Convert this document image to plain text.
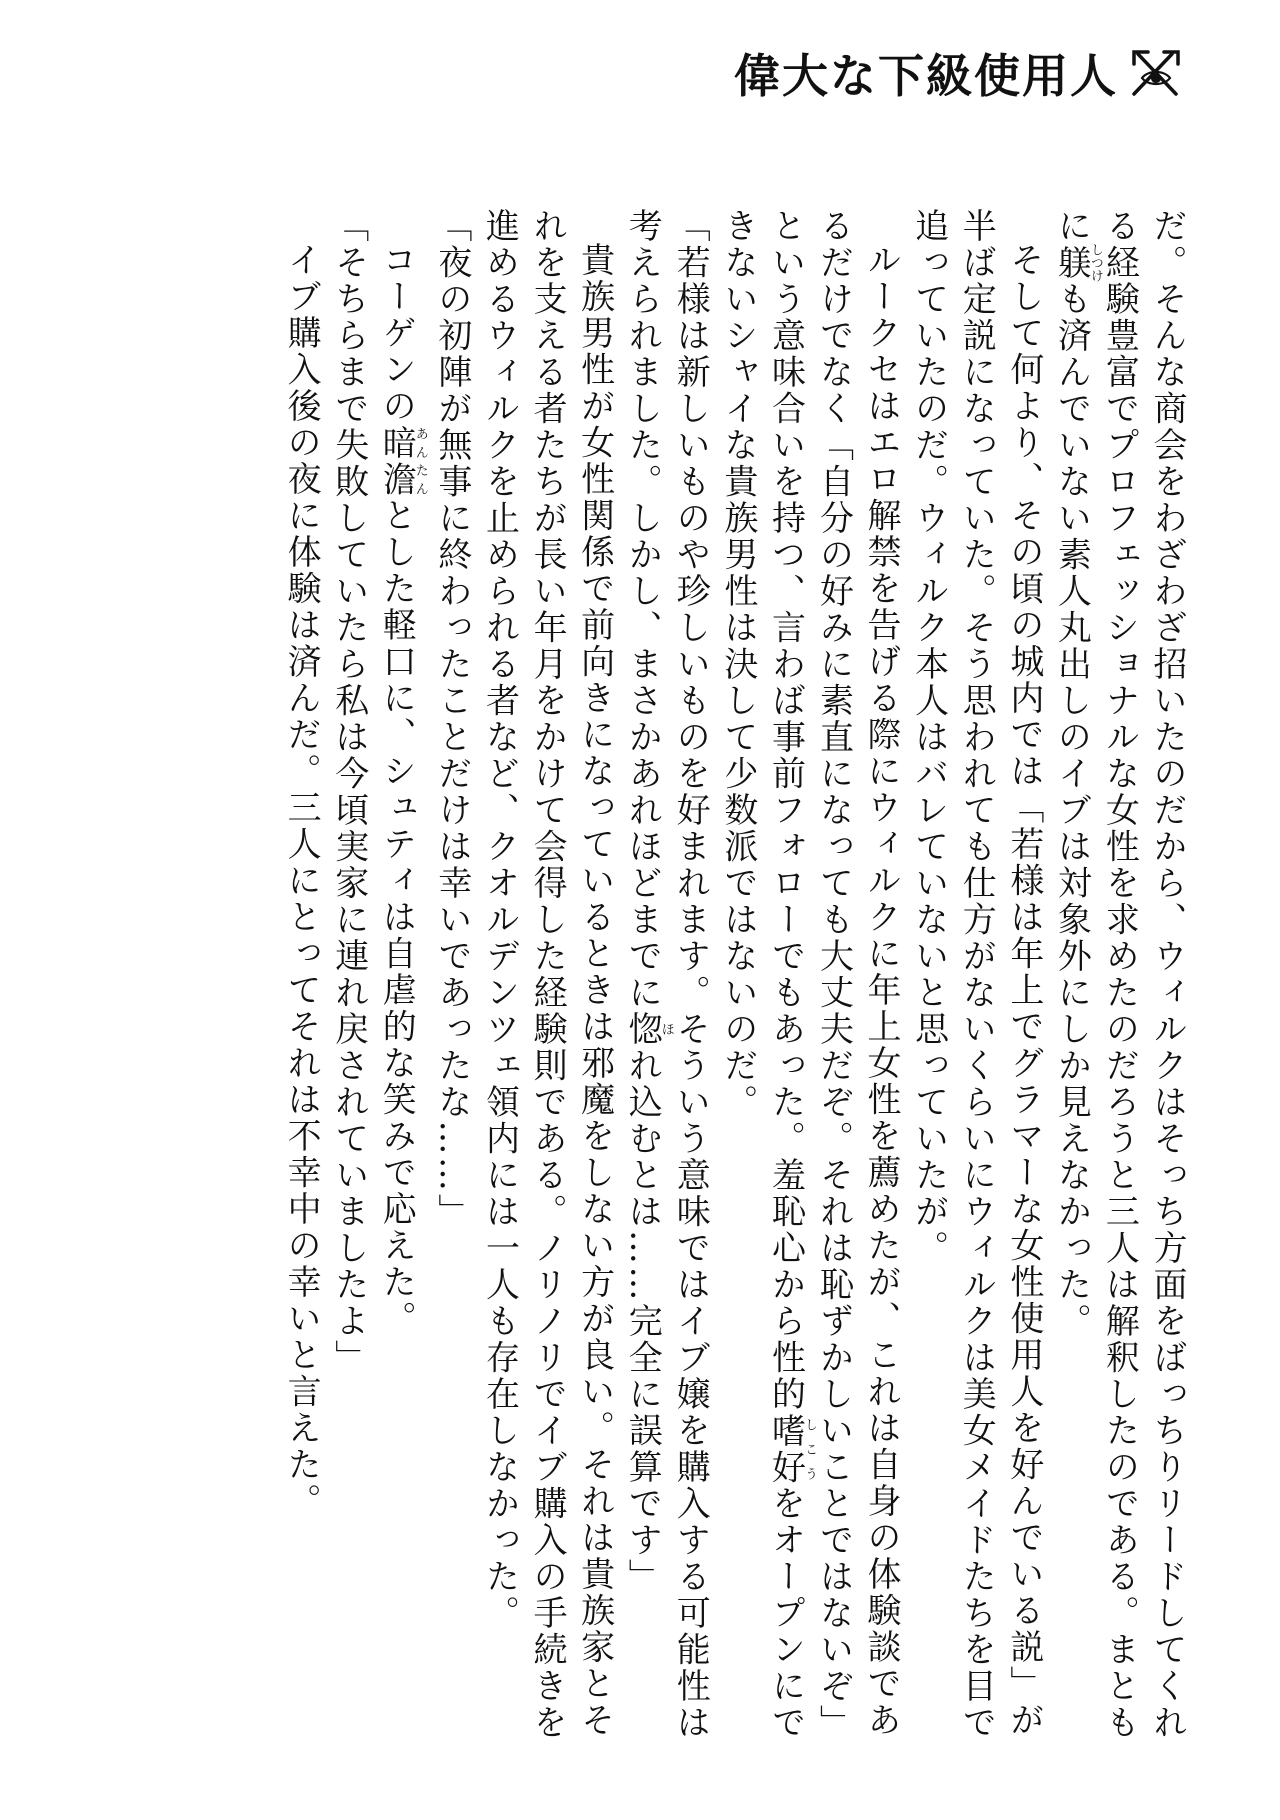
偉大な下級使用人

だ。そんな商会をわざわざ招いたのだから、ウィルクはそっち方面をばっちりリードしてくれる経験豊富でプロフェッショナルな女性を求めたのだろうと三人は解釈したのである。まともに躾しつけも済んでいない素人丸出しのイブは対象外にしか見えなかった。

そして何より、その頃の城内では「若様は年上でグラマーな女性使用人を好んでいる説」が半ば定説になっていた。そう思われても仕方がないくらいにウィルクは美女メイドたちを目で追っていたのだ。ウィルク本人はバレていないと思っていたが。

ルークセはエロ解禁を告げる際にウィルクに年上女性を薦めたが、これは自身の体験談であるだけでなく「自分の好みに素直になっても大丈夫だぞ。それは恥ずかしいことではないぞ」という意味合いを持つ、言わば事前フォローでもあった。羞恥心から性的嗜好しこうをオープンにできないシャイな貴族男性は決して少数派ではないのだ。

「若様は新しいものや珍しいものを好まれます。そういう意味ではイブ嬢を購入する可能性は考えられました。しかし、まさかあれほどまでに惚ほれ込むとは……完全に誤算です」

貴族男性が女性関係で前向きになっているときは邪魔をしない方が良い。それは貴族家とそれを支える者たちが長い年月をかけて会得した経験則である。ノリノリでイブ購入の手続きを進めるウィルクを止められる者など、クオルデンツェ領内には一人も存在しなかった。

「夜の初陣が無事に終わったことだけは幸いであったな……」

コーゲンの暗澹あんたんとした軽口に、シュティは自虐的な笑みで応えた。

「そちらまで失敗していたら私は今頃実家に連れ戻されていましたよ」

イブ購入後の夜に体験は済んだ。三人にとってそれは不幸中の幸いと言えた。
